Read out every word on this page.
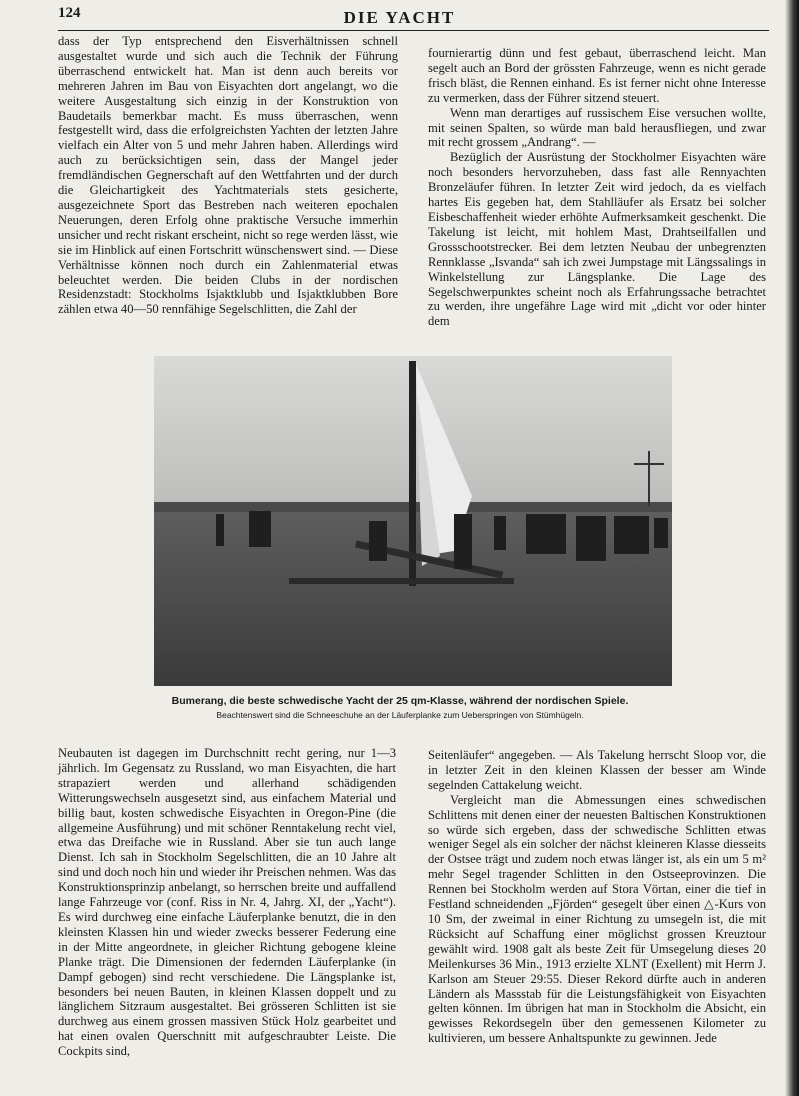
124	DIE YACHT

dass der Typ entsprechend den Eisverhältnissen schnell ausgestaltet wurde und sich auch die Technik der Führung überraschend entwickelt hat. Man ist denn auch bereits vor mehreren Jahren im Bau von Eisyachten dort angelangt, wo die weitere Ausgestaltung sich einzig in der Konstruktion von Baudetails bemerkbar macht. Es muss überraschen, wenn festgestellt wird, dass die erfolgreichsten Yachten der letzten Jahre vielfach ein Alter von 5 und mehr Jahren haben. Allerdings wird auch zu berücksichtigen sein, dass der Mangel jeder fremdländischen Gegnerschaft auf den Wettfahrten und der durch die Gleichartigkeit des Yachtmaterials stets gesicherte, ausgezeichnete Sport das Bestreben nach weiteren epochalen Neuerungen, deren Erfolg ohne praktische Versuche immerhin unsicher und recht riskant erscheint, nicht so rege werden lässt, wie sie im Hinblick auf einen Fortschritt wünschenswert sind. — Diese Verhältnisse können noch durch ein Zahlenmaterial etwas beleuchtet werden. Die beiden Clubs in der nordischen Residenzstadt: Stockholms Isjaktklubb und Isjaktklubben Bore zählen etwa 40—50 rennfähige Segelschlitten, die Zahl der

fournierartig dünn und fest gebaut, überraschend leicht. Man segelt auch an Bord der grössten Fahrzeuge, wenn es nicht gerade frisch bläst, die Rennen einhand. Es ist ferner nicht ohne Interesse zu vermerken, dass der Führer sitzend steuert.

Wenn man derartiges auf russischem Eise versuchen wollte, mit seinen Spalten, so würde man bald herausfliegen, und zwar mit recht grossem „Andrang“. —

Bezüglich der Ausrüstung der Stockholmer Eisyachten wäre noch besonders hervorzuheben, dass fast alle Rennyachten Bronzeläufer führen. In letzter Zeit wird jedoch, da es vielfach hartes Eis gegeben hat, dem Stahlläufer als Ersatz bei solcher Eisbeschaffenheit wieder erhöhte Aufmerksamkeit geschenkt. Die Takelung ist leicht, mit hohlem Mast, Drahtseilfallen und Grossschootstrecker. Bei dem letzten Neubau der unbegrenzten Rennklasse „Isvanda“ sah ich zwei Jumpstage mit Längssalings in Winkelstellung zur Längsplanke. Die Lage des Segelschwerpunktes scheint noch als Erfahrungssache betrachtet zu werden, ihre ungefähre Lage wird mit „dicht vor oder hinter dem

Bumerang, die beste schwedische Yacht der 25 qm-Klasse, während der nordischen Spiele.
Beachtenswert sind die Schneeschuhe an der Läuferplanke zum Ueberspringen von Stümhügeln.

Neubauten ist dagegen im Durchschnitt recht gering, nur 1—3 jährlich. Im Gegensatz zu Russland, wo man Eisyachten, die hart strapaziert werden und allerhand schädigenden Witterungswechseln ausgesetzt sind, aus einfachem Material und billig baut, kosten schwedische Eisyachten in Oregon-Pine (die allgemeine Ausführung) und mit schöner Renntakelung recht viel, etwa das Dreifache wie in Russland. Aber sie tun auch lange Dienst. Ich sah in Stockholm Segelschlitten, die an 10 Jahre alt sind und doch noch hin und wieder ihr Preischen nehmen. Was das Konstruktionsprinzip anbelangt, so herrschen breite und auffallend lange Fahrzeuge vor (conf. Riss in Nr. 4, Jahrg. XI, der „Yacht“). Es wird durchweg eine einfache Läuferplanke benutzt, die in den kleinsten Klassen hin und wieder zwecks besserer Federung eine in der Mitte angeordnete, in gleicher Richtung gebogene kleine Planke trägt. Die Dimensionen der federnden Läuferplanke (in Dampf gebogen) sind recht verschiedene. Die Längsplanke ist, besonders bei neuen Bauten, in kleinen Klassen doppelt und zu länglichem Sitzraum ausgestaltet. Bei grösseren Schlitten ist sie durchweg aus einem grossen massiven Stück Holz gearbeitet und hat einen ovalen Querschnitt mit aufgeschraubter Leiste. Die Cockpits sind,

Seitenläufer“ angegeben. — Als Takelung herrscht Sloop vor, die in letzter Zeit in den kleinen Klassen der besser am Winde segelnden Cattakelung weicht.

Vergleicht man die Abmessungen eines schwedischen Schlittens mit denen einer der neuesten Baltischen Konstruktionen so würde sich ergeben, dass der schwedische Schlitten etwas weniger Segel als ein solcher der nächst kleineren Klasse diesseits der Ostsee trägt und zudem noch etwas länger ist, als ein um 5 m² mehr Segel tragender Schlitten in den Ostseeprovinzen. Die Rennen bei Stockholm werden auf Stora Vörtan, einer die tief in Festland schneidenden „Fjörden“ gesegelt über einen △-Kurs von 10 Sm, der zweimal in einer Richtung zu umsegeln ist, die mit Rücksicht auf Schaffung einer möglichst grossen Kreuztour gewählt wird. 1908 galt als beste Zeit für Umsegelung dieses 20 Meilenkurses 36 Min., 1913 erzielte XLNT (Exellent) mit Herrn J. Karlson am Steuer 29:55. Dieser Rekord dürfte auch in anderen Ländern als Massstab für die Leistungsfähigkeit von Eisyachten gelten können. Im übrigen hat man in Stockholm die Absicht, ein gewisses Rekordsegeln über den gemessenen Kilometer zu kultivieren, um bessere Anhaltspunkte zu gewinnen. Jede
